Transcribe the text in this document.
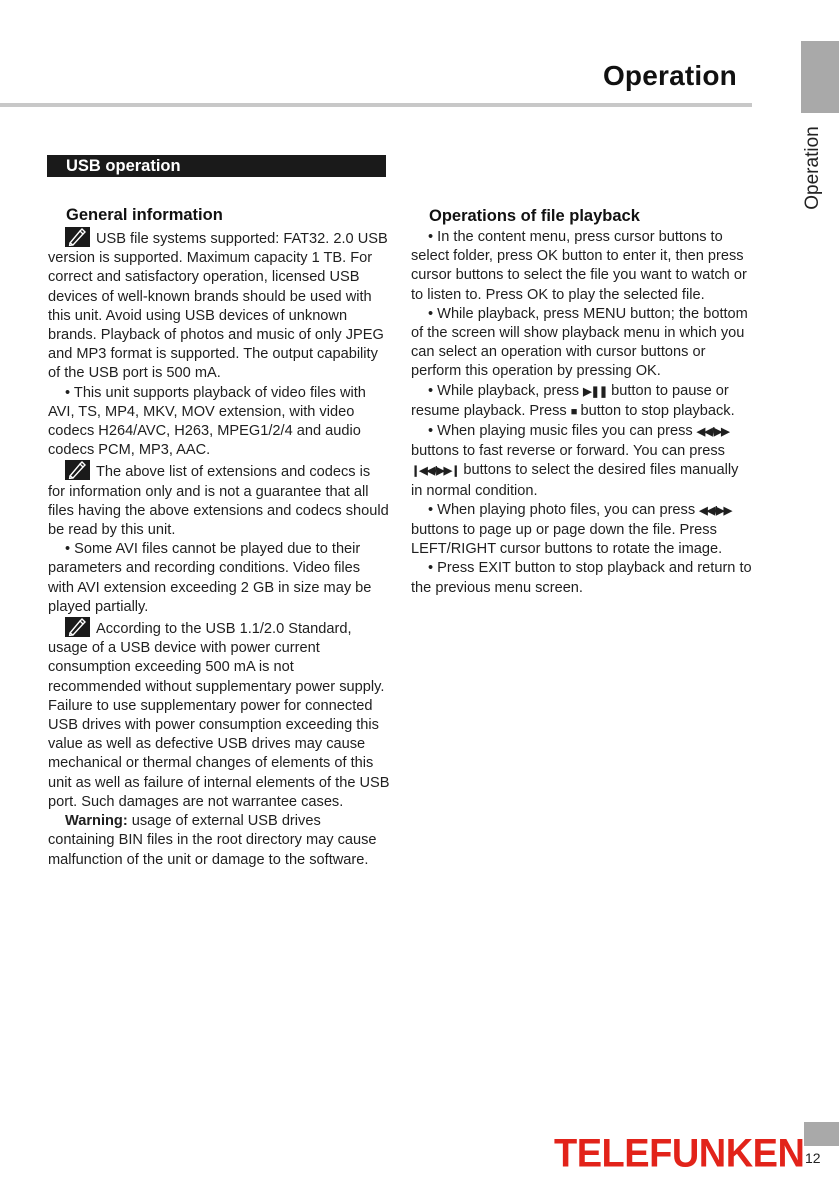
Operation
Operation
USB operation
General information

USB file systems supported: FAT32. 2.0 USB version is supported. Maximum capacity 1 TB. For correct and satisfactory operation, licensed USB devices of well-known brands should be used with this unit. Avoid using USB devices of unknown brands. Playback of photos and music of only JPEG and MP3 format is supported. The output capability of the USB port is 500 mA.

• This unit supports playback of video files with AVI, TS, MP4, MKV, MOV extension, with video codecs H264/AVC, H263, MPEG1/2/4 and audio codecs PCM, MP3, AAC.

The above list of extensions and codecs is for information only and is not a guarantee that all files having the above extensions and codecs should be read by this unit.

• Some AVI files cannot be played due to their parameters and recording conditions. Video files with AVI extension exceeding 2 GB in size may be played partially.

According to the USB 1.1/2.0 Standard, usage of a USB device with power current consumption exceeding 500 mA is not recommended without supplementary power supply. Failure to use supplementary power for connected USB drives with power consumption exceeding this value as well as defective USB drives may cause mechanical or thermal changes of elements of this unit as well as failure of internal elements of the USB port. Such damages are not warrantee cases.

Warning: usage of external USB drives containing BIN files in the root directory may cause malfunction of the unit or damage to the software.

Operations of file playback

• In the content menu, press cursor buttons to select folder, press OK button to enter it, then press cursor buttons to select the file you want to watch or to listen to. Press OK to play the selected file.

• While playback, press MENU button; the bottom of the screen will show playback menu in which you can select an operation with cursor buttons or perform this operation by pressing OK.

• While playback, press ▶❚❚ button to pause or resume playback. Press ■ button to stop playback.

• When playing music files you can press ◀◀/▶▶ buttons to fast reverse or forward. You can press ❙◀◀/▶▶❙ buttons to select the desired files manually in normal condition.

• When playing photo files, you can press ◀◀/▶▶ buttons to page up or page down the file. Press LEFT/RIGHT cursor buttons to rotate the image.

• Press EXIT button to stop playback and return to the previous menu screen.

TELEFUNKEN 12
